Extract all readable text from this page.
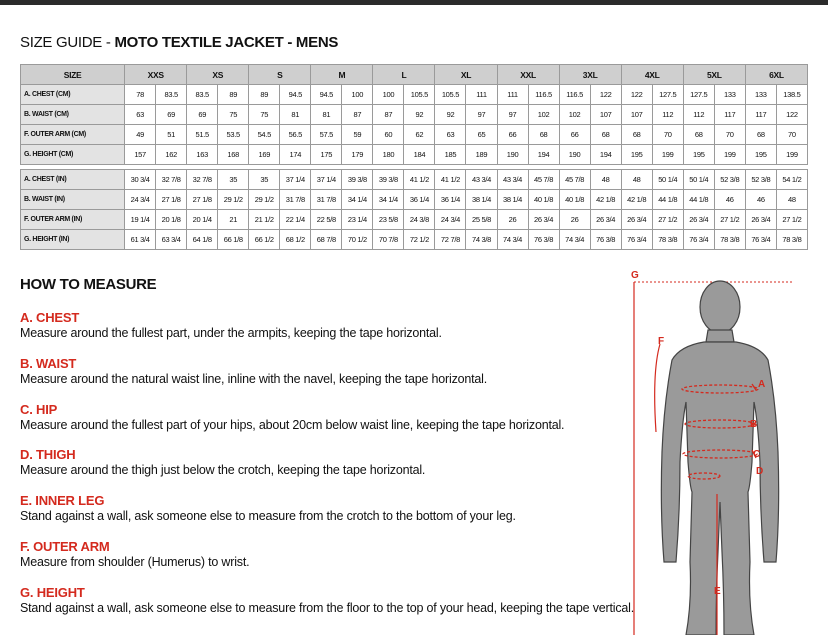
SIZE GUIDE - MOTO TEXTILE JACKET - MENS
SIZE	XXS		XS		S		M		L		XL		XXL		3XL		4XL		5XL		6XL	
A. CHEST (CM)	78	83.5	83.5	89	89	94.5	94.5	100	100	105.5	105.5	111	111	116.5	116.5	122	122	127.5	127.5	133	133	138.5
B. WAIST (CM)	63	69	69	75	75	81	81	87	87	92	92	97	97	102	102	107	107	112	112	117	117	122
F. OUTER ARM (CM)	49	51	51.5	53.5	54.5	56.5	57.5	59	60	62	63	65	66	68	66	68	68	70	68	70	68	70
G. HEIGHT (CM)	157	162	163	168	169	174	175	179	180	184	185	189	190	194	190	194	195	199	195	199	195	199

A. CHEST (IN)	30 3/4	32 7/8	32 7/8	35	35	37 1/4	37 1/4	39 3/8	39 3/8	41 1/2	41 1/2	43 3/4	43 3/4	45 7/8	45 7/8	48	48	50 1/4	50 1/4	52 3/8	52 3/8	54 1/2
B. WAIST (IN)	24 3/4	27 1/8	27 1/8	29 1/2	29 1/2	31 7/8	31 7/8	34 1/4	34 1/4	36 1/4	36 1/4	38 1/4	38 1/4	40 1/8	40 1/8	42 1/8	42 1/8	44 1/8	44 1/8	46	46	48
F. OUTER ARM (IN)	19 1/4	20 1/8	20 1/4	21	21 1/2	22 1/4	22 5/8	23 1/4	23 5/8	24 3/8	24 3/4	25 5/8	26	26 3/4	26	26 3/4	26 3/4	27 1/2	26 3/4	27 1/2	26 3/4	27 1/2
G. HEIGHT (IN)	61 3/4	63 3/4	64 1/8	66 1/8	66 1/2	68 1/2	68 7/8	70 1/2	70 7/8	72 1/2	72 7/8	74 3/8	74 3/4	76 3/8	74 3/4	76 3/8	76 3/4	78 3/8	76 3/4	78 3/8	76 3/4	78 3/8
HOW TO MEASURE
A. CHEST
Measure around the fullest part, under the armpits, keeping the tape horizontal.
B. WAIST
Measure around the natural waist line, inline with the navel, keeping the tape horizontal.
C. HIP
Measure around the fullest part of your hips, about 20cm below waist line, keeping the tape horizontal.
D. THIGH
Measure around the thigh just below the crotch, keeping the tape horizontal.
E. INNER LEG
Stand against a wall, ask someone else to measure from the crotch to the bottom of your leg.
F. OUTER ARM
Measure from shoulder (Humerus) to wrist.
G. HEIGHT
Stand against a wall, ask someone else to measure from the floor to the top of your head, keeping the tape vertical.
G
A
B
C
D
E
F
